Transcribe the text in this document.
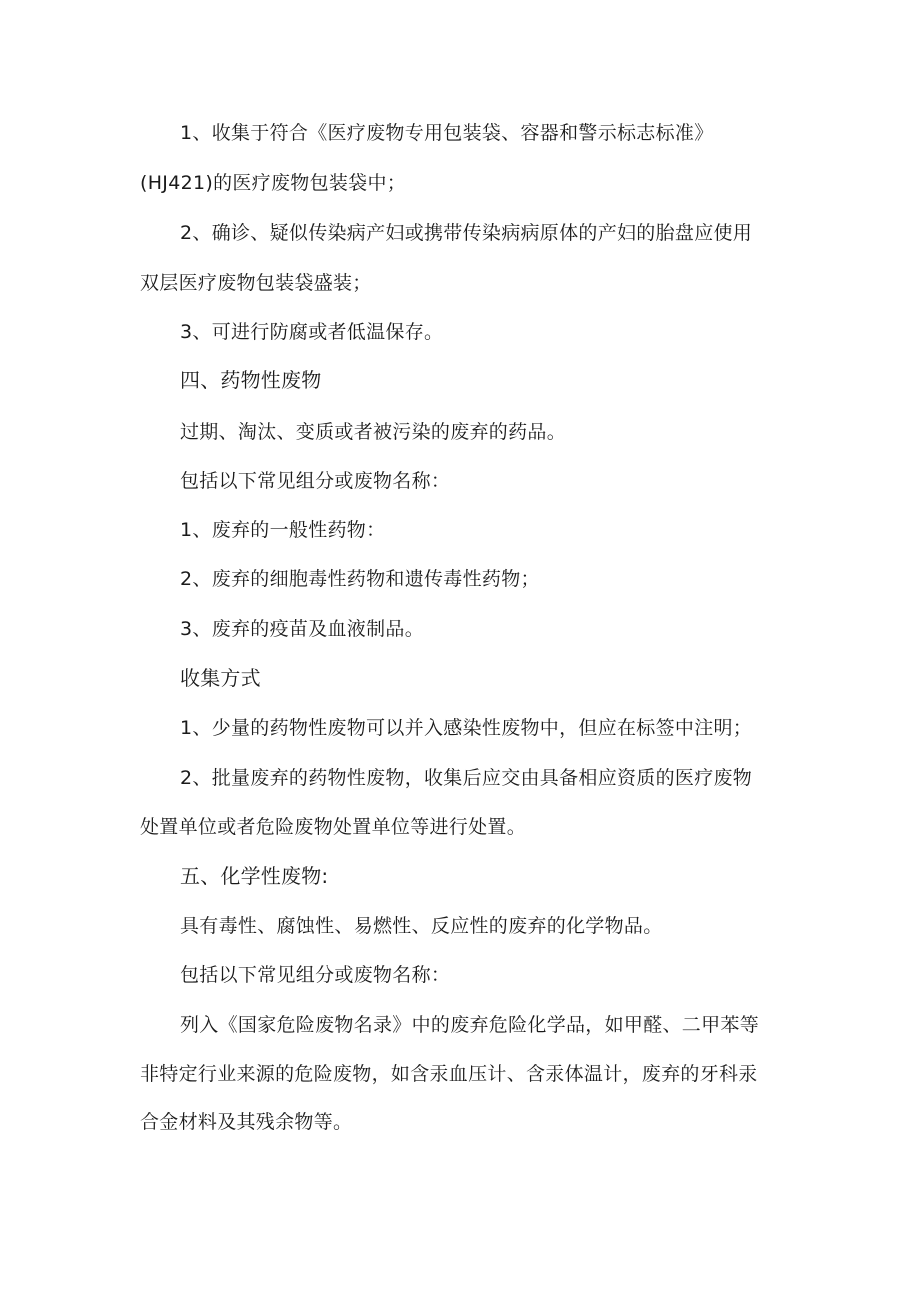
1、收集于符合《医疗废物专用包装袋、容器和警示标志标准》
(HJ421)的医疗废物包装袋中；
2、确诊、疑似传染病产妇或携带传染病病原体的产妇的胎盘应使用
双层医疗废物包装袋盛装；
3、可进行防腐或者低温保存。
四、药物性废物
过期、淘汰、变质或者被污染的废弃的药品。
包括以下常见组分或废物名称：
1、废弃的一般性药物：
2、废弃的细胞毒性药物和遗传毒性药物；
3、废弃的疫苗及血液制品。
收集方式
1、少量的药物性废物可以并入感染性废物中，但应在标签中注明；
2、批量废弃的药物性废物，收集后应交由具备相应资质的医疗废物
处置单位或者危险废物处置单位等进行处置。
五、化学性废物:
具有毒性、腐蚀性、易燃性、反应性的废弃的化学物品。
包括以下常见组分或废物名称：
列入《国家危险废物名录》中的废弃危险化学品，如甲醛、二甲苯等
非特定行业来源的危险废物，如含汞血压计、含汞体温计，废弃的牙科汞
合金材料及其残余物等。
